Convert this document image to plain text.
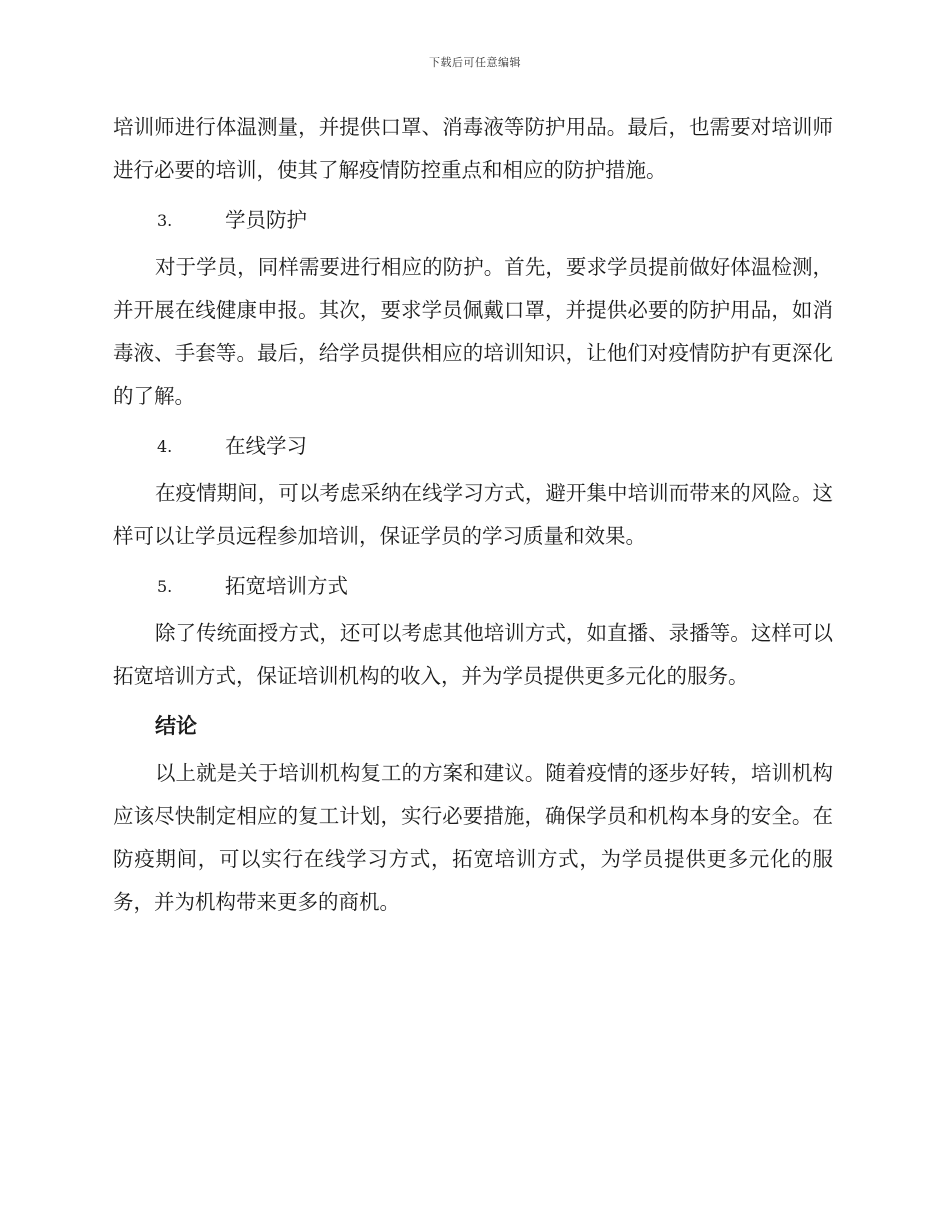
下载后可任意编辑

培训师进行体温测量，并提供口罩、消毒液等防护用品。最后，也需要对培训师进行必要的培训，使其了解疫情防控重点和相应的防护措施。

3.	学员防护

对于学员，同样需要进行相应的防护。首先，要求学员提前做好体温检测，并开展在线健康申报。其次，要求学员佩戴口罩，并提供必要的防护用品，如消毒液、手套等。最后，给学员提供相应的培训知识，让他们对疫情防护有更深化的了解。

4.	在线学习

在疫情期间，可以考虑采纳在线学习方式，避开集中培训而带来的风险。这样可以让学员远程参加培训，保证学员的学习质量和效果。

5.	拓宽培训方式

除了传统面授方式，还可以考虑其他培训方式，如直播、录播等。这样可以拓宽培训方式，保证培训机构的收入，并为学员提供更多元化的服务。

结论

以上就是关于培训机构复工的方案和建议。随着疫情的逐步好转，培训机构应该尽快制定相应的复工计划，实行必要措施，确保学员和机构本身的安全。在防疫期间，可以实行在线学习方式，拓宽培训方式，为学员提供更多元化的服务，并为机构带来更多的商机。
